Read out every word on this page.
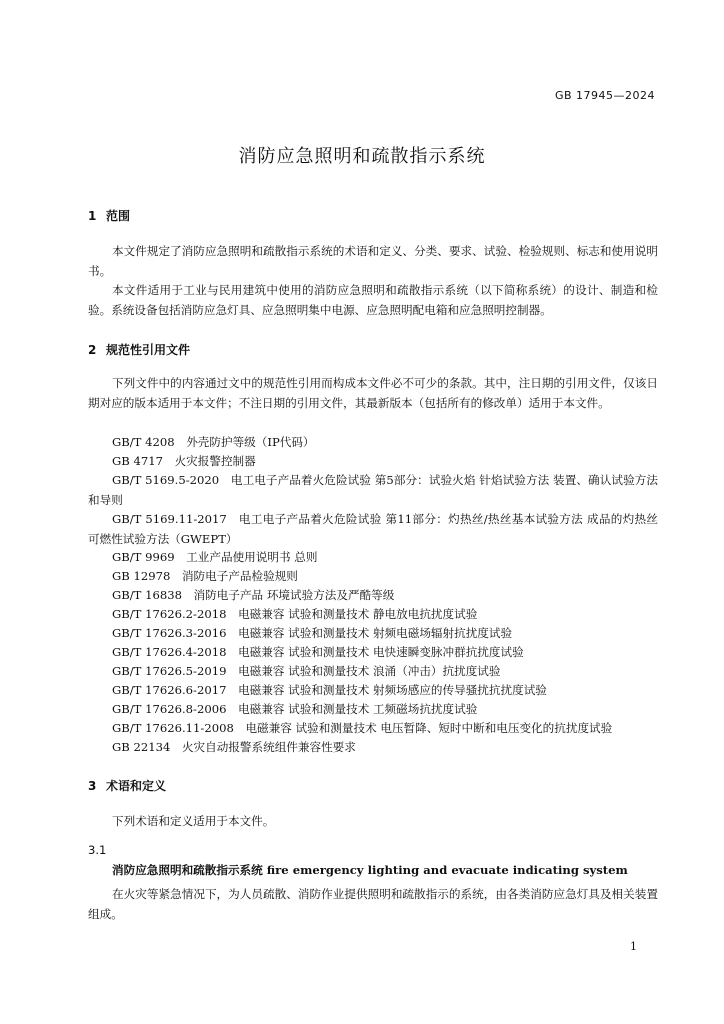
GB 17945—2024
消防应急照明和疏散指示系统
1 范围
本文件规定了消防应急照明和疏散指示系统的术语和定义、分类、要求、试验、检验规则、标志和使用说明书。
本文件适用于工业与民用建筑中使用的消防应急照明和疏散指示系统（以下简称系统）的设计、制造和检验。系统设备包括消防应急灯具、应急照明集中电源、应急照明配电箱和应急照明控制器。
2 规范性引用文件
下列文件中的内容通过文中的规范性引用而构成本文件必不可少的条款。其中，注日期的引用文件，仅该日期对应的版本适用于本文件；不注日期的引用文件，其最新版本（包括所有的修改单）适用于本文件。
GB/T 4208　外壳防护等级（IP代码）
GB 4717　火灾报警控制器
GB/T 5169.5-2020　电工电子产品着火危险试验 第5部分：试验火焰 针焰试验方法 装置、确认试验方法和导则
GB/T 5169.11-2017　电工电子产品着火危险试验 第11部分：灼热丝/热丝基本试验方法 成品的灼热丝可燃性试验方法（GWEPT）
GB/T 9969　工业产品使用说明书 总则
GB 12978　消防电子产品检验规则
GB/T 16838　消防电子产品 环境试验方法及严酷等级
GB/T 17626.2-2018　电磁兼容 试验和测量技术 静电放电抗扰度试验
GB/T 17626.3-2016　电磁兼容 试验和测量技术 射频电磁场辐射抗扰度试验
GB/T 17626.4-2018　电磁兼容 试验和测量技术 电快速瞬变脉冲群抗扰度试验
GB/T 17626.5-2019　电磁兼容 试验和测量技术 浪涌（冲击）抗扰度试验
GB/T 17626.6-2017　电磁兼容 试验和测量技术 射频场感应的传导骚扰抗扰度试验
GB/T 17626.8-2006　电磁兼容 试验和测量技术 工频磁场抗扰度试验
GB/T 17626.11-2008　电磁兼容 试验和测量技术 电压暂降、短时中断和电压变化的抗扰度试验
GB 22134　火灾自动报警系统组件兼容性要求
3 术语和定义
下列术语和定义适用于本文件。
3.1
消防应急照明和疏散指示系统 fire emergency lighting and evacuate indicating system
在火灾等紧急情况下，为人员疏散、消防作业提供照明和疏散指示的系统，由各类消防应急灯具及相关装置组成。
1
